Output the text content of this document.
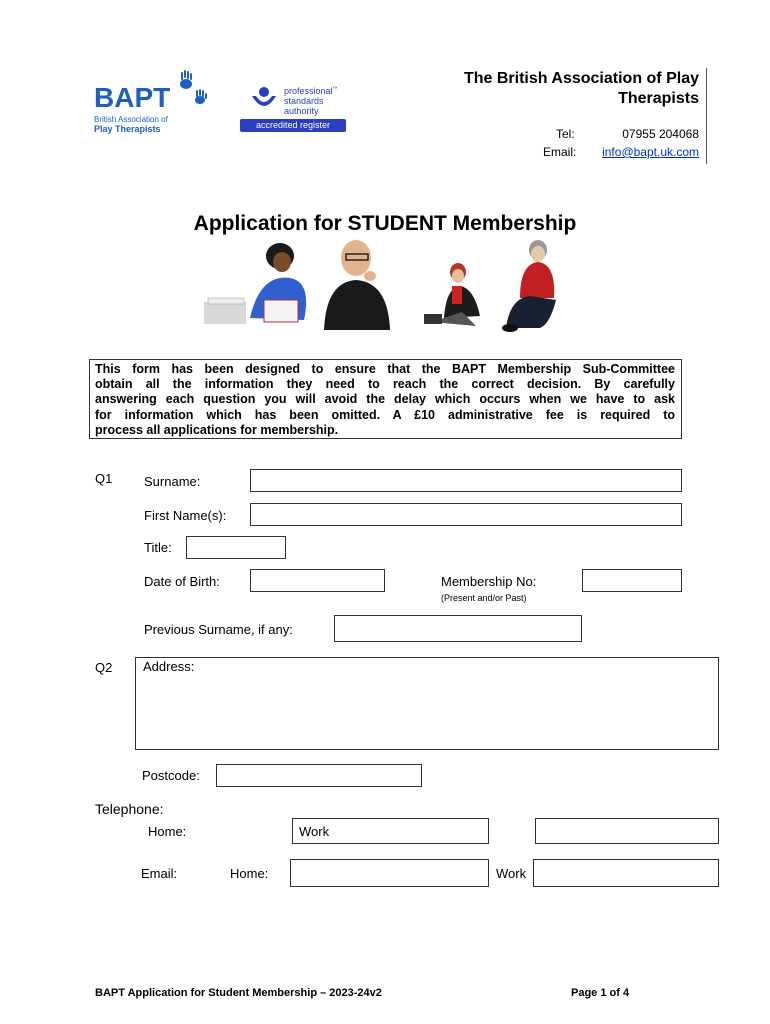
BAPT
British Association of
Play Therapists
professional™
standards
authority
accredited register
The British Association of Play
Therapists
Tel:	07955 204068
Email: info@bapt.uk.com
Application for STUDENT Membership
This form has been designed to ensure that the BAPT Membership Sub-Committee
obtain all the information they need to reach the correct decision. By carefully
answering each question you will avoid the delay which occurs when we have to ask
for information which has been omitted. A £10 administrative fee is required to
process all applications for membership.
Q1 Surname:
First Name(s):
Title:
Date of Birth:	Membership No:
(Present and/or Past)
Previous Surname, if any:
Q2 Address:
Postcode:
Telephone:
Home:	Work
Email:	Home:	Work
BAPT Application for Student Membership – 2023-24v2	Page 1 of 4
